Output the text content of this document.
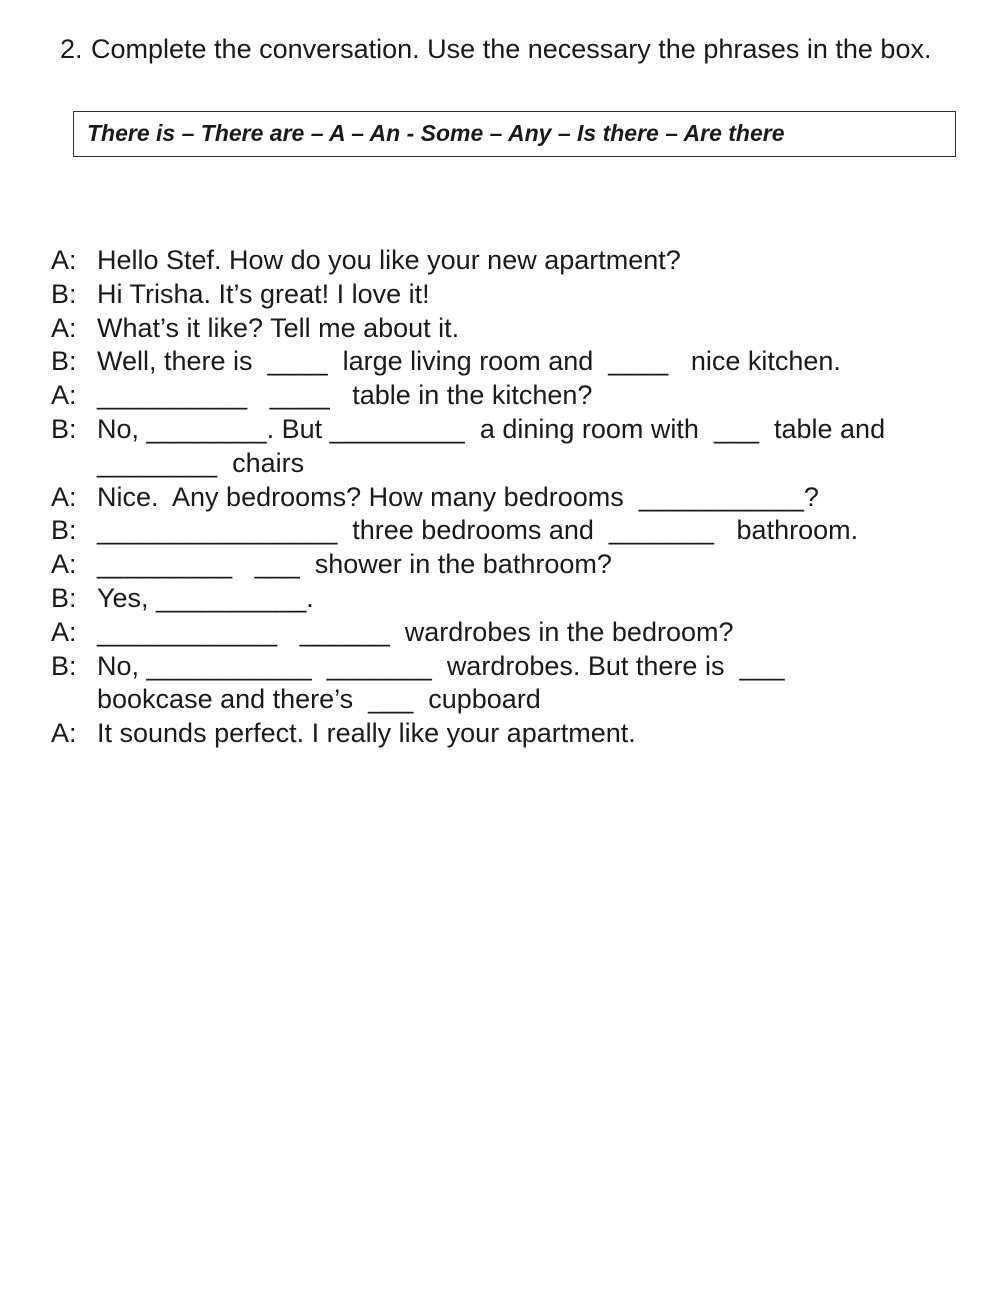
2. Complete the conversation. Use the necessary the phrases in the box.
There is – There are – A – An - Some – Any – Is there – Are there
A: Hello Stef. How do you like your new apartment?
B: Hi Trisha. It’s great! I love it!
A: What’s it like? Tell me about it.
B: Well, there is  ____  large living room and  ____   nice kitchen.
A: __________   ____   table in the kitchen?
B: No, ________. But _________  a dining room with  ___  table and
________  chairs
A: Nice.  Any bedrooms? How many bedrooms  ___________?
B: ________________  three bedrooms and  _______   bathroom.
A: _________   ___  shower in the bathroom?
B: Yes, __________.
A: ____________   ______  wardrobes in the bedroom?
B: No, ___________  _______  wardrobes. But there is  ___
bookcase and there’s  ___  cupboard
A: It sounds perfect. I really like your apartment.
